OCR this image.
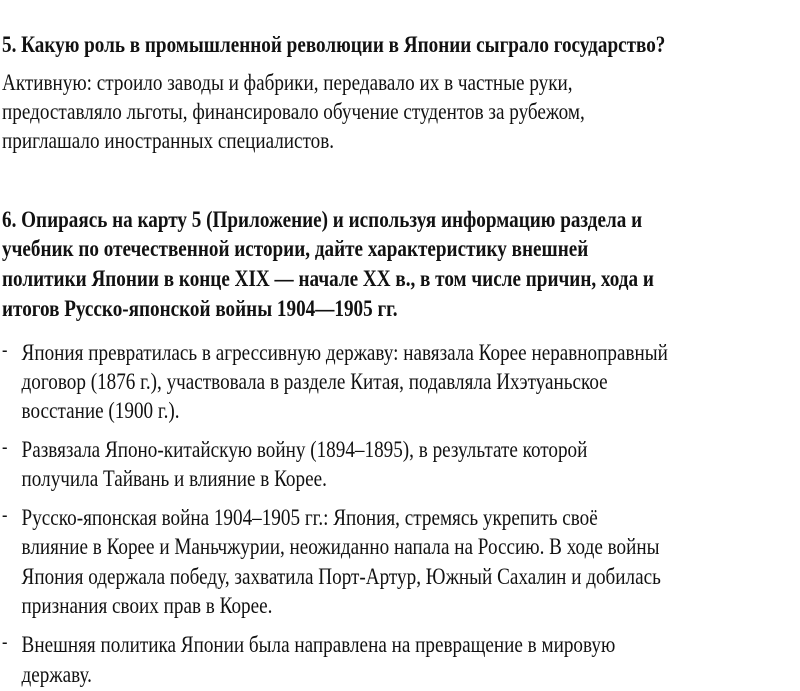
5. Какую роль в промышленной революции в Японии сыграло государство?
Активную: строило заводы и фабрики, передавало их в частные руки,
предоставляло льготы, финансировало обучение студентов за рубежом,
приглашало иностранных специалистов.
6. Опираясь на карту 5 (Приложение) и используя информацию раздела и
учебник по отечественной истории, дайте характеристику внешней
политики Японии в конце XIX — начале XX в., в том числе причин, хода и
итогов Русско-японской войны 1904—1905 гг.
- Япония превратилась в агрессивную державу: навязала Корее неравноправный
договор (1876 г.), участвовала в разделе Китая, подавляла Ихэтуаньское
восстание (1900 г.).
- Развязала Японо-китайскую войну (1894–1895), в результате которой
получила Тайвань и влияние в Корее.
- Русско-японская война 1904–1905 гг.: Япония, стремясь укрепить своё
влияние в Корее и Маньчжурии, неожиданно напала на Россию. В ходе войны
Япония одержала победу, захватила Порт-Артур, Южный Сахалин и добилась
признания своих прав в Корее.
- Внешняя политика Японии была направлена на превращение в мировую
державу.
